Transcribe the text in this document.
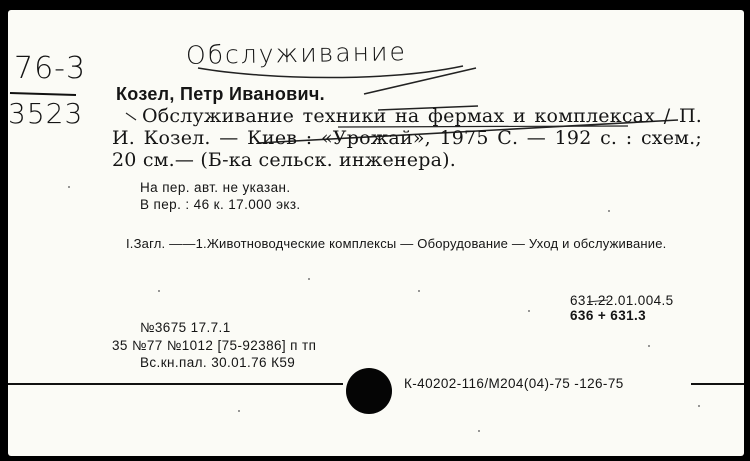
76-3
3523
Обслуживание
Козел, Петр Иванович.
Обслуживание техники на фермах и комплексах / П. И. Козел. — Киев : «Урожай», 1975 С. — 192 с. : схем.; 20 см.— (Б-ка сельск. инженера).
На пер. авт. не указан.
В пер. : 46 к. 17.000 экз.
I.Загл. ——1.Животноводческие комплексы — Оборудование — Уход и обслуживание.
631.22.01.004.5
636 + 631.3
№3675 17.7.1
35 №77 №1012 [75-92386] п тп
Вс.кн.пал. 30.01.76 К59
К-40202-116/М204(04)-75 -126-75
